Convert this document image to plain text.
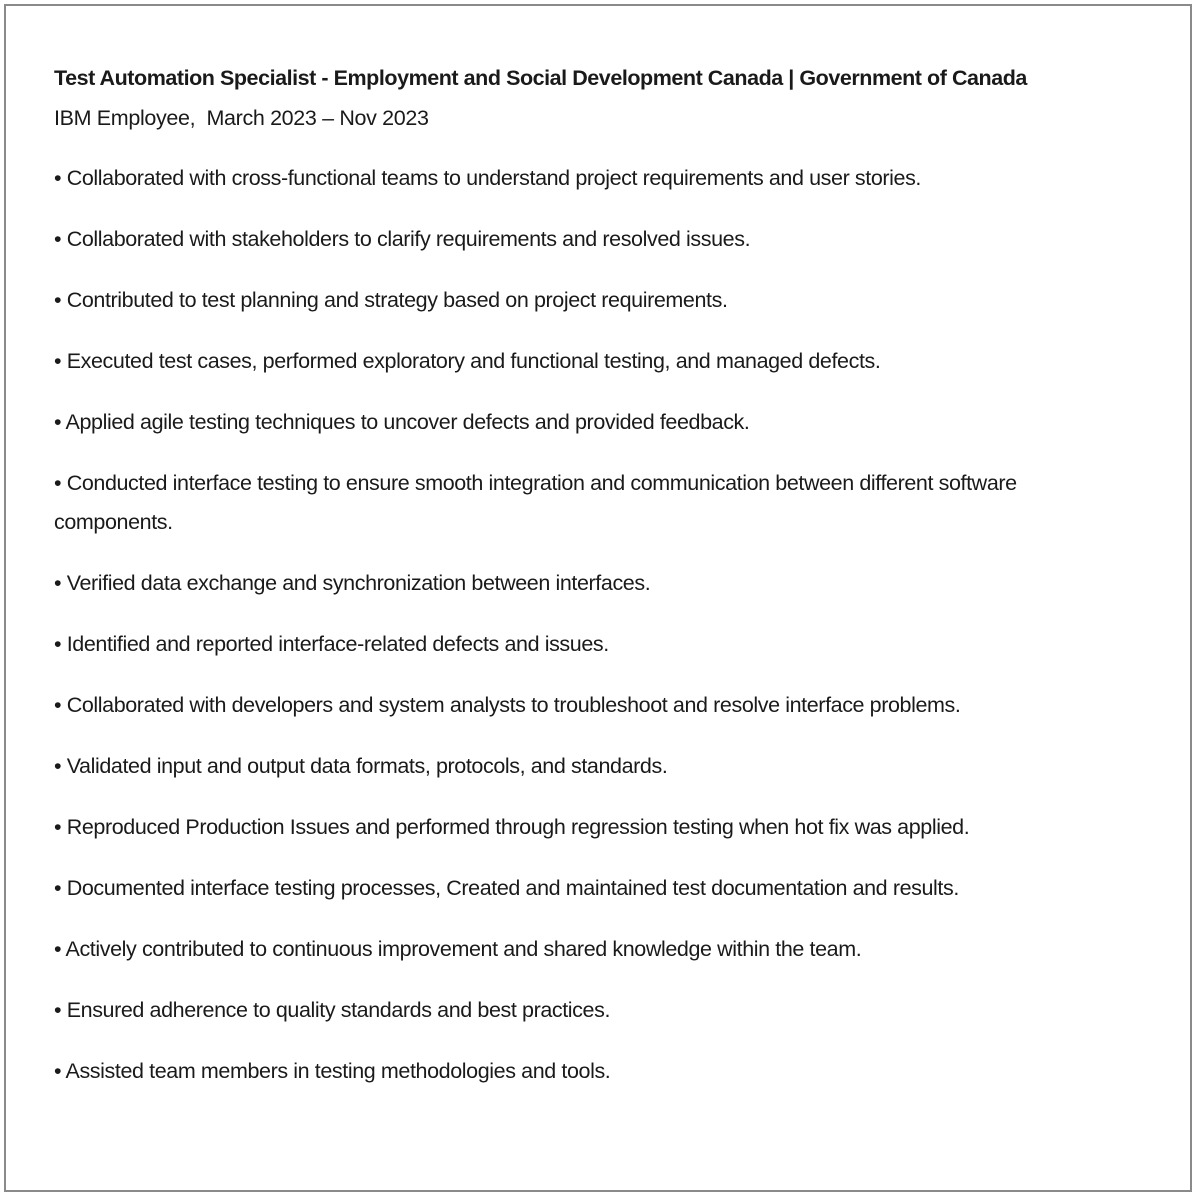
Test Automation Specialist - Employment and Social Development Canada | Government of Canada
IBM Employee,  March 2023 – Nov 2023
• Collaborated with cross-functional teams to understand project requirements and user stories.
• Collaborated with stakeholders to clarify requirements and resolved issues.
• Contributed to test planning and strategy based on project requirements.
• Executed test cases, performed exploratory and functional testing, and managed defects.
• Applied agile testing techniques to uncover defects and provided feedback.
• Conducted interface testing to ensure smooth integration and communication between different software components.
• Verified data exchange and synchronization between interfaces.
• Identified and reported interface-related defects and issues.
• Collaborated with developers and system analysts to troubleshoot and resolve interface problems.
• Validated input and output data formats, protocols, and standards.
• Reproduced Production Issues and performed through regression testing when hot fix was applied.
• Documented interface testing processes, Created and maintained test documentation and results.
• Actively contributed to continuous improvement and shared knowledge within the team.
• Ensured adherence to quality standards and best practices.
• Assisted team members in testing methodologies and tools.
